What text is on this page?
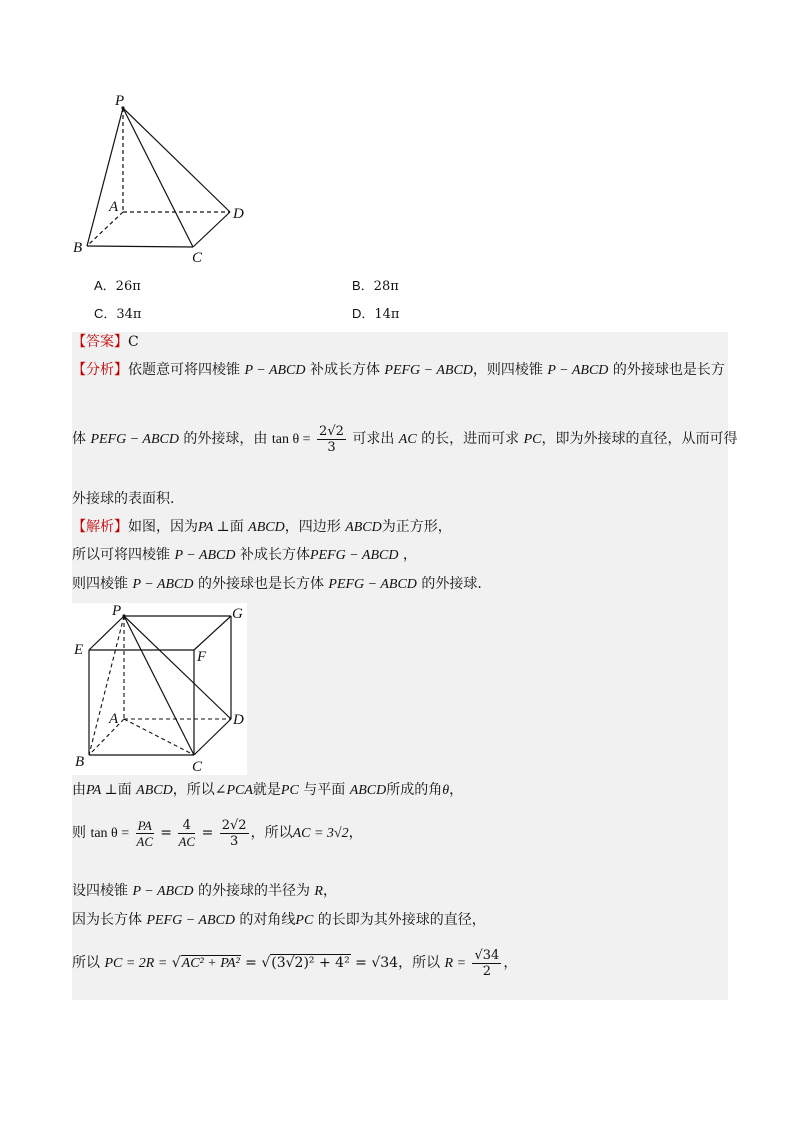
P
A	D
B
C
A．26π	B．28π
C．34π	D．14π
【答案】C
【分析】依题意可将四棱锥 P − ABCD 补成长方体 PEFG − ABCD，则四棱锥 P − ABCD 的外接球也是长方
体 PEFG − ABCD 的外接球，由 $\tan \theta = \frac{2√2}{3}$ 可求出 AC 的长，进而可求 PC，即为外接球的直径，从而可得
外接球的表面积.
【解析】如图，因为PA ⊥面 ABCD，四边形 ABCD为正方形，
所以可将四棱锥 P − ABCD 补成长方体PEFG − ABCD ，
则四棱锥 P − ABCD 的外接球也是长方体 PEFG − ABCD 的外接球.
P	G
E	F
A	D
B	C
由PA ⊥面 ABCD，所以∠PCA就是PC 与平面 ABCD所成的角θ，
则 $\tan \theta = \frac{PA}{AC} = \frac{4}{AC} = \frac{2√2}{3}$ ，所以AC = 3√2，
设四棱锥 P − ABCD 的外接球的半径为 R，
因为长方体 PEFG − ABCD 的对角线PC 的长即为其外接球的直径，
所以 PC = 2R = √AC² + PA² = √(3√2)² + 4² = √34，所以 $R = \frac{√34}{2}$ ，
